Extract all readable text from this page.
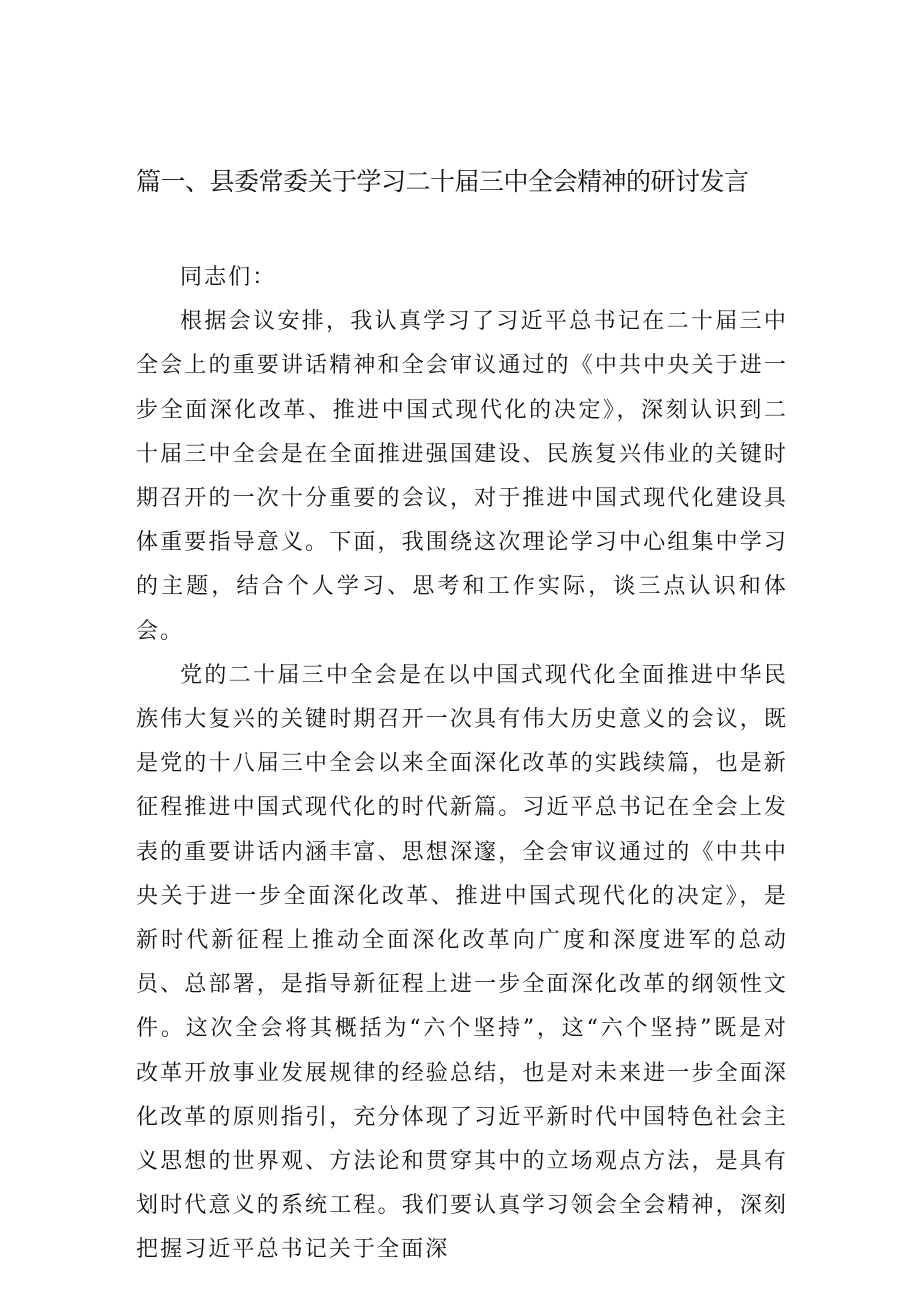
篇一、县委常委关于学习二十届三中全会精神的研讨发言

同志们：

根据会议安排，我认真学习了习近平总书记在二十届三中全会上的重要讲话精神和全会审议通过的《中共中央关于进一步全面深化改革、推进中国式现代化的决定》，深刻认识到二十届三中全会是在全面推进强国建设、民族复兴伟业的关键时期召开的一次十分重要的会议，对于推进中国式现代化建设具体重要指导意义。下面，我围绕这次理论学习中心组集中学习的主题，结合个人学习、思考和工作实际，谈三点认识和体会。

党的二十届三中全会是在以中国式现代化全面推进中华民族伟大复兴的关键时期召开一次具有伟大历史意义的会议，既是党的十八届三中全会以来全面深化改革的实践续篇，也是新征程推进中国式现代化的时代新篇。习近平总书记在全会上发表的重要讲话内涵丰富、思想深邃，全会审议通过的《中共中央关于进一步全面深化改革、推进中国式现代化的决定》，是新时代新征程上推动全面深化改革向广度和深度进军的总动员、总部署，是指导新征程上进一步全面深化改革的纲领性文件。这次全会将其概括为“六个坚持”，这“六个坚持”既是对改革开放事业发展规律的经验总结，也是对未来进一步全面深化改革的原则指引，充分体现了习近平新时代中国特色社会主义思想的世界观、方法论和贯穿其中的立场观点方法，是具有划时代意义的系统工程。我们要认真学习领会全会精神，深刻把握习近平总书记关于全面深
